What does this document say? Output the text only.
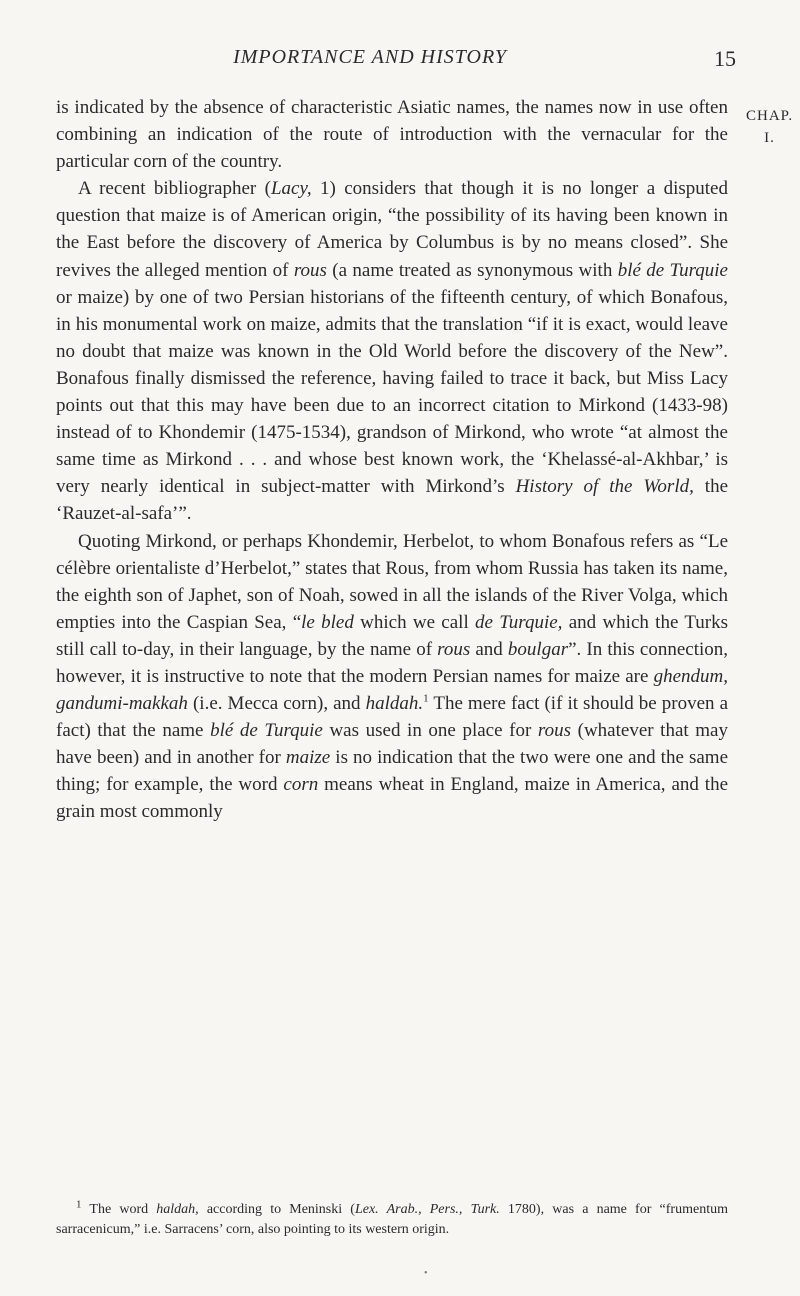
IMPORTANCE AND HISTORY	15
CHAP.
I.

is indicated by the absence of characteristic Asiatic names, the names now in use often combining an indication of the route of introduction with the vernacular for the particular corn of the country.

A recent bibliographer (Lacy, 1) considers that though it is no longer a disputed question that maize is of American origin, “the possibility of its having been known in the East before the discovery of America by Columbus is by no means closed”. She revives the alleged mention of rous (a name treated as synonymous with blé de Turquie or maize) by one of two Persian historians of the fifteenth century, of which Bonafous, in his monumental work on maize, admits that the translation “if it is exact, would leave no doubt that maize was known in the Old World before the discovery of the New”. Bonafous finally dismissed the reference, having failed to trace it back, but Miss Lacy points out that this may have been due to an incorrect citation to Mirkond (1433-98) instead of to Khondemir (1475-1534), grandson of Mirkond, who wrote “at almost the same time as Mirkond . . . and whose best known work, the ‘Khelassé-al-Akhbar,’ is very nearly identical in subject-matter with Mirkond’s History of the World, the ‘Rauzet-al-safa’”.

Quoting Mirkond, or perhaps Khondemir, Herbelot, to whom Bonafous refers as “Le célèbre orientaliste d’Herbelot,” states that Rous, from whom Russia has taken its name, the eighth son of Japhet, son of Noah, sowed in all the islands of the River Volga, which empties into the Caspian Sea, “le bled which we call de Turquie, and which the Turks still call to-day, in their language, by the name of rous and boulgar”. In this connection, however, it is instructive to note that the modern Persian names for maize are ghendum, gandumi-makkah (i.e. Mecca corn), and haldah.$^1$ The mere fact (if it should be proven a fact) that the name blé de Turquie was used in one place for rous (whatever that may have been) and in another for maize is no indication that the two were one and the same thing; for example, the word corn means wheat in England, maize in America, and the grain most commonly

$^1$ The word haldah, according to Meninski (Lex. Arab., Pers., Turk. 1780), was a name for “frumentum sarracenicum,” i.e. Sarracens’ corn, also pointing to its western origin.
•
